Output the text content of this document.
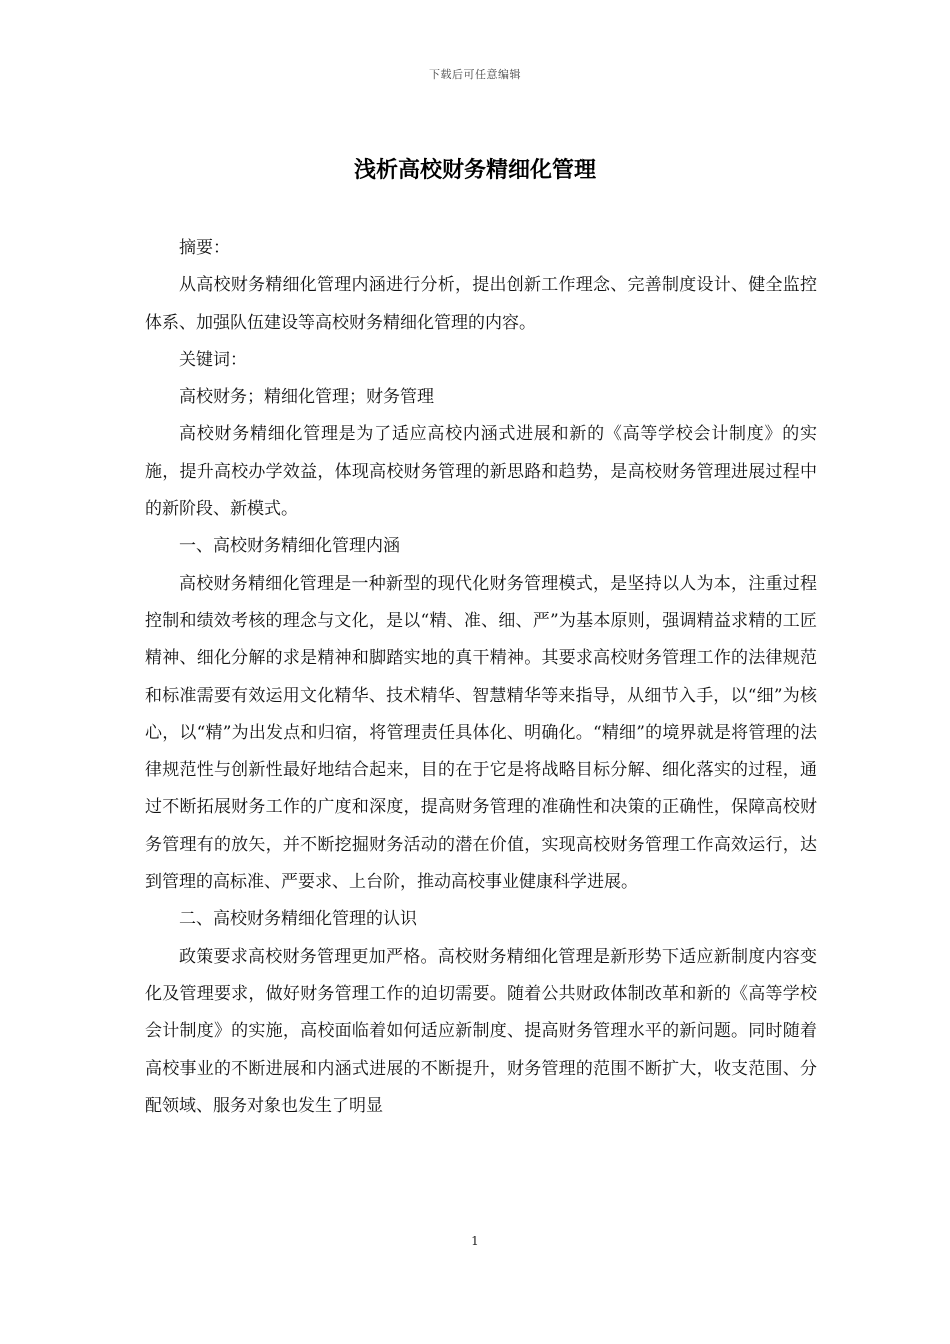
下载后可任意编辑
浅析高校财务精细化管理

摘要：

从高校财务精细化管理内涵进行分析，提出创新工作理念、完善制度设计、健全监控体系、加强队伍建设等高校财务精细化管理的内容。

关键词：

高校财务；精细化管理；财务管理

高校财务精细化管理是为了适应高校内涵式进展和新的《高等学校会计制度》的实施，提升高校办学效益，体现高校财务管理的新思路和趋势，是高校财务管理进展过程中的新阶段、新模式。

一、高校财务精细化管理内涵

高校财务精细化管理是一种新型的现代化财务管理模式，是坚持以人为本，注重过程控制和绩效考核的理念与文化，是以“精、准、细、严”为基本原则，强调精益求精的工匠精神、细化分解的求是精神和脚踏实地的真干精神。其要求高校财务管理工作的法律规范和标准需要有效运用文化精华、技术精华、智慧精华等来指导，从细节入手，以“细”为核心，以“精”为出发点和归宿，将管理责任具体化、明确化。“精细”的境界就是将管理的法律规范性与创新性最好地结合起来，目的在于它是将战略目标分解、细化落实的过程，通过不断拓展财务工作的广度和深度，提高财务管理的准确性和决策的正确性，保障高校财务管理有的放矢，并不断挖掘财务活动的潜在价值，实现高校财务管理工作高效运行，达到管理的高标准、严要求、上台阶，推动高校事业健康科学进展。

二、高校财务精细化管理的认识

政策要求高校财务管理更加严格。高校财务精细化管理是新形势下适应新制度内容变化及管理要求，做好财务管理工作的迫切需要。随着公共财政体制改革和新的《高等学校会计制度》的实施，高校面临着如何适应新制度、提高财务管理水平的新问题。同时随着高校事业的不断进展和内涵式进展的不断提升，财务管理的范围不断扩大，收支范围、分配领域、服务对象也发生了明显

1
